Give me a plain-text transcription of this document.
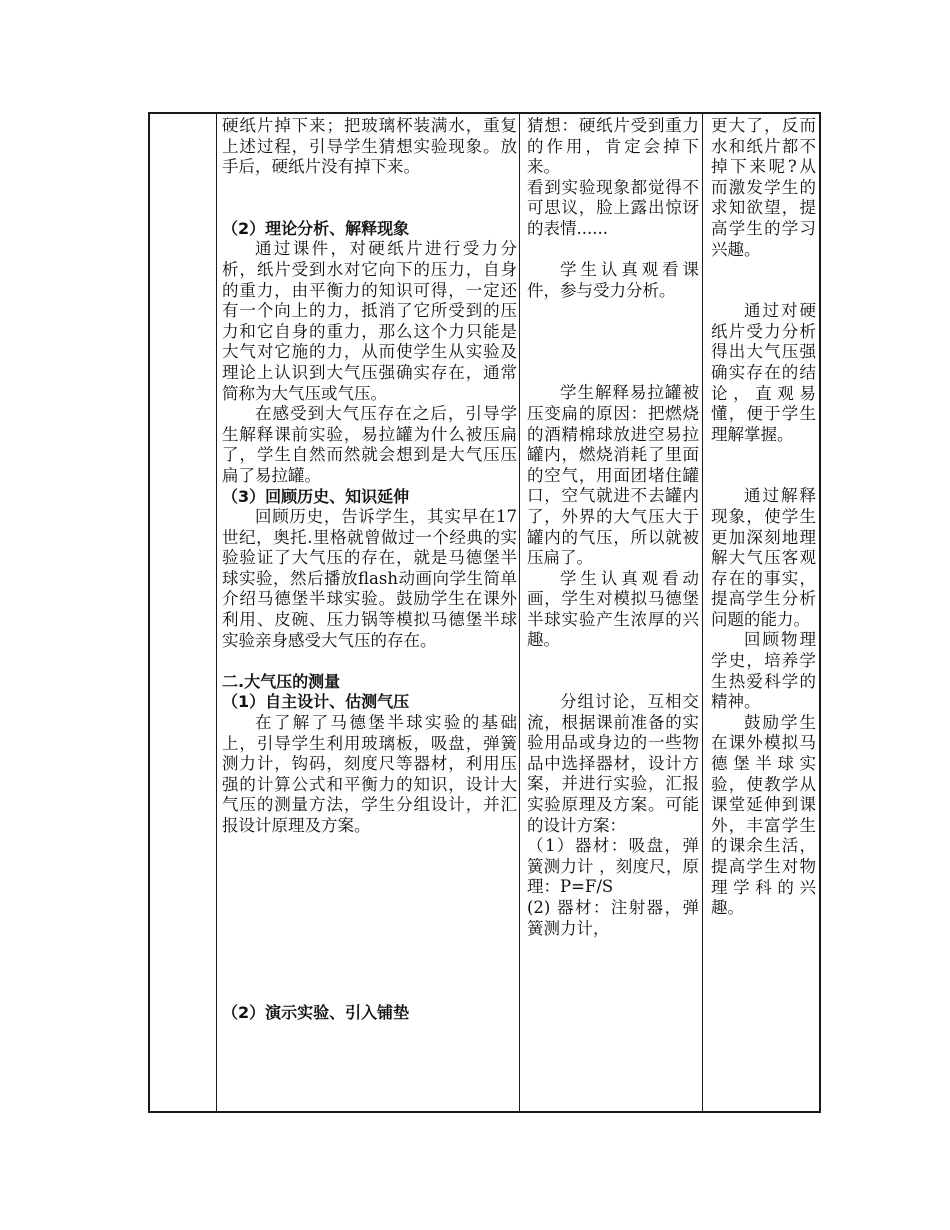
硬纸片掉下来；把玻璃杯装满水，重复上述过程，引导学生猜想实验现象。放手后，硬纸片没有掉下来。

（2）理论分析、解释现象

通过课件，对硬纸片进行受力分析，纸片受到水对它向下的压力，自身的重力，由平衡力的知识可得，一定还有一个向上的力，抵消了它所受到的压力和它自身的重力，那么这个力只能是大气对它施的力，从而使学生从实验及理论上认识到大气压强确实存在，通常简称为大气压或气压。

在感受到大气压存在之后，引导学生解释课前实验，易拉罐为什么被压扁了，学生自然而然就会想到是大气压压扁了易拉罐。

（3）回顾历史、知识延伸

回顾历史，告诉学生，其实早在17世纪，奥托.里格就曾做过一个经典的实验验证了大气压的存在，就是马德堡半球实验，然后播放flash动画向学生简单介绍马德堡半球实验。鼓励学生在课外利用、皮碗、压力锅等模拟马德堡半球实验亲身感受大气压的存在。

二.大气压的测量

（1）自主设计、估测气压

在了解了马德堡半球实验的基础上，引导学生利用玻璃板，吸盘，弹簧测力计，钩码，刻度尺等器材，利用压强的计算公式和平衡力的知识，设计大气压的测量方法，学生分组设计，并汇报设计原理及方案。

（2）演示实验、引入铺垫

猜想：硬纸片受到重力的作用，肯定会掉下来。

看到实验现象都觉得不可思议，脸上露出惊讶的表情......

学生认真观看课件，参与受力分析。

学生解释易拉罐被压变扁的原因：把燃烧的酒精棉球放进空易拉罐内，燃烧消耗了里面的空气，用面团堵住罐口，空气就进不去罐内了，外界的大气压大于罐内的气压，所以就被压扁了。

学生认真观看动画，学生对模拟马德堡半球实验产生浓厚的兴趣。

分组讨论，互相交流，根据课前准备的实验用品或身边的一些物品中选择器材，设计方案，并进行实验，汇报实验原理及方案。可能的设计方案：

（1）器材：吸盘，弹簧测力计 ，刻度尺，原理：P=F/S

(2) 器材：注射器，弹簧测力计，

更大了，反而水和纸片都不掉下来呢?从而激发学生的求知欲望，提高学生的学习兴趣。

通过对硬纸片受力分析得出大气压强确实存在的结论，直观易懂，便于学生理解掌握。

通过解释现象，使学生更加深刻地理解大气压客观存在的事实，提高学生分析问题的能力。

回顾物理学史，培养学生热爱科学的精神。

鼓励学生在课外模拟马德堡半球实验，使教学从课堂延伸到课外，丰富学生的课余生活，提高学生对物理学科的兴趣。
